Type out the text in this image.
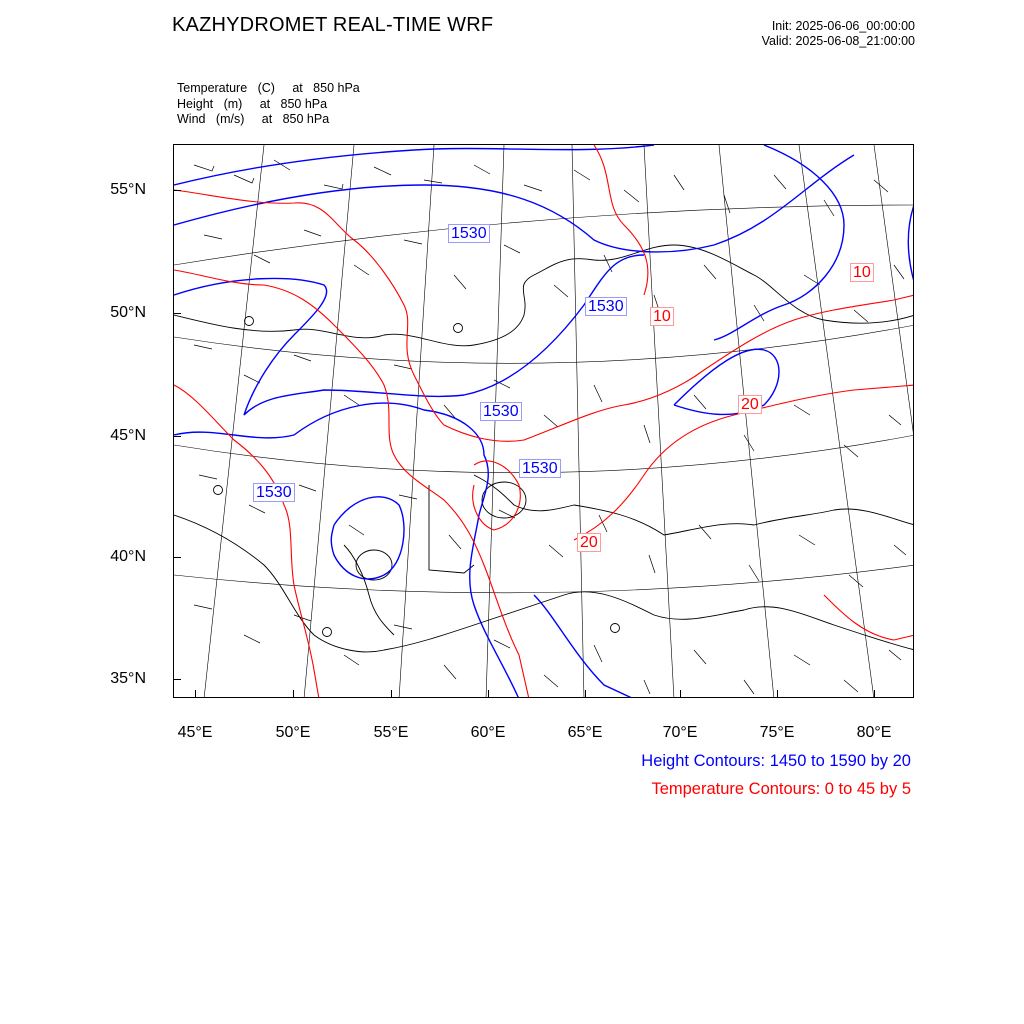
KAZHYDROMET REAL-TIME WRF	Init: 2025-06-06_00:00:00
Valid: 2025-06-08_21:00:00
Temperature (C) at   850 hPa
Height (m) at   850 hPa
Wind (m/s) at   850 hPa
1530
1530
1530
1530
1530
10
10
20
20
55°N
50°N
45°N
40°N
35°N
45°E	50°E	55°E	60°E	65°E	70°E	75°E	80°E
Height Contours: 1450 to 1590 by 20
Temperature Contours: 0 to 45 by 5
